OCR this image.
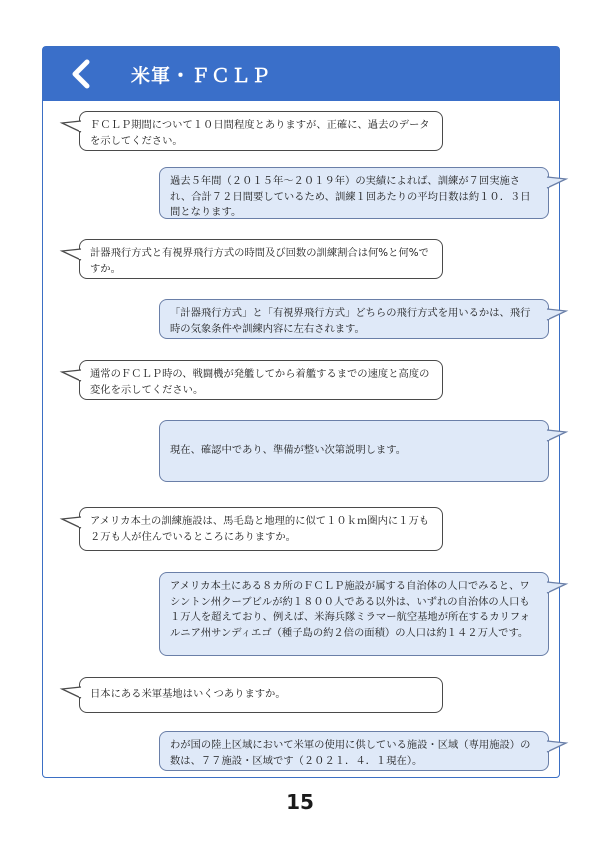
米軍・ＦＣＬＰ
ＦＣＬＰ期間について１０日間程度とありますが、正確に、過去のデータを示してください。
過去５年間（２０１５年～２０１９年）の実績によれば、訓練が７回実施され、合計７２日間要しているため、訓練１回あたりの平均日数は約１０．３日間となります。
計器飛行方式と有視界飛行方式の時間及び回数の訓練割合は何%と何%ですか。
「計器飛行方式」と「有視界飛行方式」どちらの飛行方式を用いるかは、飛行時の気象条件や訓練内容に左右されます。
通常のＦＣＬＰ時の、戦闘機が発艦してから着艦するまでの速度と高度の変化を示してください。
現在、確認中であり、準備が整い次第説明します。
アメリカ本土の訓練施設は、馬毛島と地理的に似て１０ｋｍ圏内に１万も２万も人が住んでいるところにありますか。
アメリカ本土にある８カ所のＦＣＬＰ施設が属する自治体の人口でみると、ワシントン州クーブビルが約１８００人である以外は、いずれの自治体の人口も１万人を超えており、例えば、米海兵隊ミラマー航空基地が所在するカリフォルニア州サンディエゴ（種子島の約２倍の面積）の人口は約１４２万人です。
日本にある米軍基地はいくつありますか。
わが国の陸上区域において米軍の使用に供している施設・区域（専用施設）の数は、７７施設・区域です（２０２１．４．１現在）。
15
